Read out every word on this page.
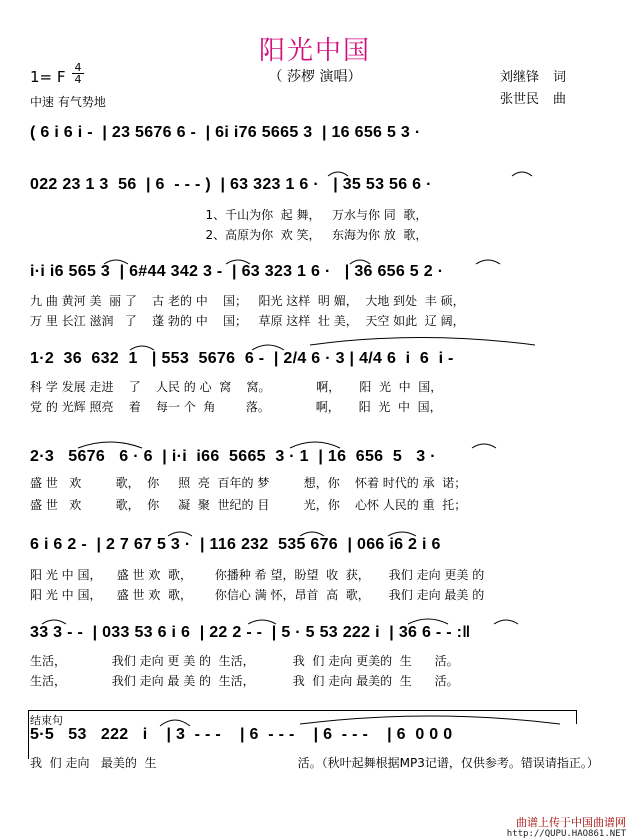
阳光中国
（ 莎椤 演唱）
1= F
4
4
中速 有气势地
刘继锋 词
张世民 曲
( 6 i 6 i -  | 23 5676 6 -  | 6i i76 5665 3  | 16 656 5 3 ·
022 23 1 3  56  | 6  - - - )  | 63 323 1 6 ·   | 35 53 56 6 ·
1、千山为你  起 舞，   万水与你 同  歌，
2、高原为你  欢 笑，   东海为你 放  歌，
i·i i6 565 3  | 6#44 342 3 -  | 63 323 1 6 ·   | 36 656 5 2 ·
九 曲 黄河 美  丽 了    古 老的 中    国；   阳光 这样  明 媚，  大地 到处  丰 硕，
万 里 长江 滋润   了    蓬 勃的 中    国；   草原 这样  壮 美，  天空 如此  辽 阔，
1·2  36  632  1   | 553  5676  6 -  | 2/4 6 · 3 | 4/4 6  i  6  i -
科 学 发展 走进    了    人民 的 心  窝    窝。            啊，     阳  光  中  国，
党 的 光辉 照亮    着    每一 个  角        落。            啊，     阳  光  中  国，
2·3   5676   6 · 6  | i·i  i66  5665  3 · 1  | 16  656  5   3 ·
盛 世   欢         歌，  你     照  亮  百年的 梦         想，你    怀着 时代的 承  诺；
盛 世   欢         歌，  你     凝  聚  世纪的 目         光，你    心怀 人民的 重  托；
6 i 6 2 -  | 2 7 67 5 3 ·  | 116 232  535 676  | 066 i6 2 i 6
阳 光 中 国，    盛 世 欢  歌，      你播种 希 望，盼望  收  获，     我们 走向 更美 的
阳 光 中 国，    盛 世 欢  歌，      你信心 满 怀，昂首  高  歌，     我们 走向 最美 的
33 3 - -  | 033 53 6 i 6  | 22 2 - -  | 5 · 5 53 222 i  | 36 6 - - :‖
生活，            我们 走向 更 美 的  生活，          我  们 走向 更美的  生      活。
生活，            我们 走向 最 美 的  生活，          我  们 走向 最美的  生      活。
结束句
5·5   53   222   i    | 3  - - -    | 6  - - -    | 6  - - -    | 6  0 0 0
我  们 走向   最美的  生                                     活。（秋叶起舞根据MP3记谱，仅供参考。错误请指正。）
曲谱上传于中国曲谱网
http://QUPU.HAO861.NET
